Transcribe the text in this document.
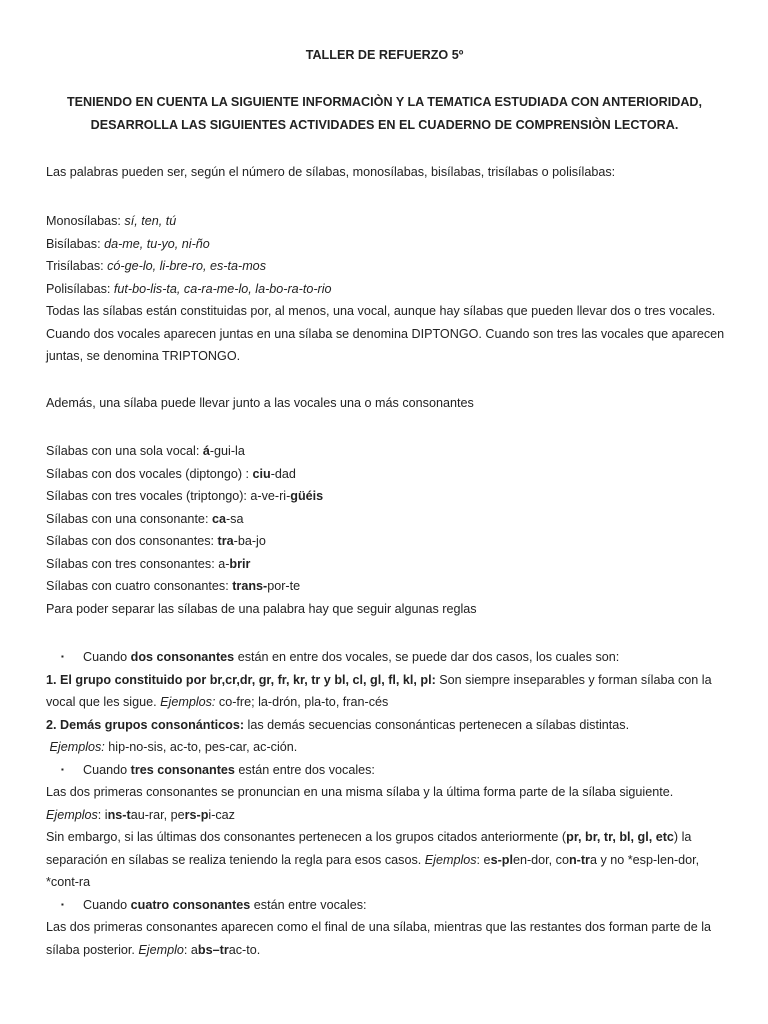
TALLER DE REFUERZO 5º
TENIENDO EN CUENTA LA SIGUIENTE INFORMACIÒN Y LA TEMATICA ESTUDIADA CON ANTERIORIDAD,
DESARROLLA LAS SIGUIENTES ACTIVIDADES EN EL CUADERNO DE COMPRENSIÒN LECTORA.
Las palabras pueden ser, según el número de sílabas, monosílabas, bisílabas, trisílabas o polisílabas:
Monosílabas: sí, ten, tú
Bisílabas: da-me, tu-yo, ni-ño
Trisílabas: có-ge-lo, li-bre-ro, es-ta-mos
Polisílabas: fut-bo-lis-ta, ca-ra-me-lo, la-bo-ra-to-rio
Todas las sílabas están constituidas por, al menos, una vocal, aunque hay sílabas que pueden llevar dos o tres vocales.
Cuando dos vocales aparecen juntas en una sílaba se denomina DIPTONGO. Cuando son tres las vocales que aparecen
juntas, se denomina TRIPTONGO.
Además, una sílaba puede llevar junto a las vocales una o más consonantes
Sílabas con una sola vocal: á-gui-la
Sílabas con dos vocales (diptongo) : ciu-dad
Sílabas con tres vocales (triptongo): a-ve-ri-güéis
Sílabas con una consonante: ca-sa
Sílabas con dos consonantes: tra-ba-jo
Sílabas con tres consonantes: a-brir
Sílabas con cuatro consonantes: trans-por-te
Para poder separar las sílabas de una palabra hay que seguir algunas reglas
▪ Cuando dos consonantes están en entre dos vocales, se puede dar dos casos, los cuales son:
1. El grupo constituido por br,cr,dr, gr, fr, kr, tr y bl, cl, gl, fl, kl, pl: Son siempre inseparables y forman sílaba con la
vocal que les sigue. Ejemplos: co-fre; la-drón, pla-to, fran-cés
2. Demás grupos consonánticos: las demás secuencias consonánticas pertenecen a sílabas distintas.
Ejemplos: hip-no-sis, ac-to, pes-car, ac-ción.
▪ Cuando tres consonantes están entre dos vocales:
Las dos primeras consonantes se pronuncian en una misma sílaba y la última forma parte de la sílaba siguiente.
Ejemplos: ins-tau-rar, pers-pi-caz
Sin embargo, si las últimas dos consonantes pertenecen a los grupos citados anteriormente (pr, br, tr, bl, gl, etc) la
separación en sílabas se realiza teniendo la regla para esos casos. Ejemplos: es-plen-dor, con-tra y no *esp-len-dor,
*cont-ra
▪ Cuando cuatro consonantes están entre vocales:
Las dos primeras consonantes aparecen como el final de una sílaba, mientras que las restantes dos forman parte de la
sílaba posterior. Ejemplo: abs–trac-to.
